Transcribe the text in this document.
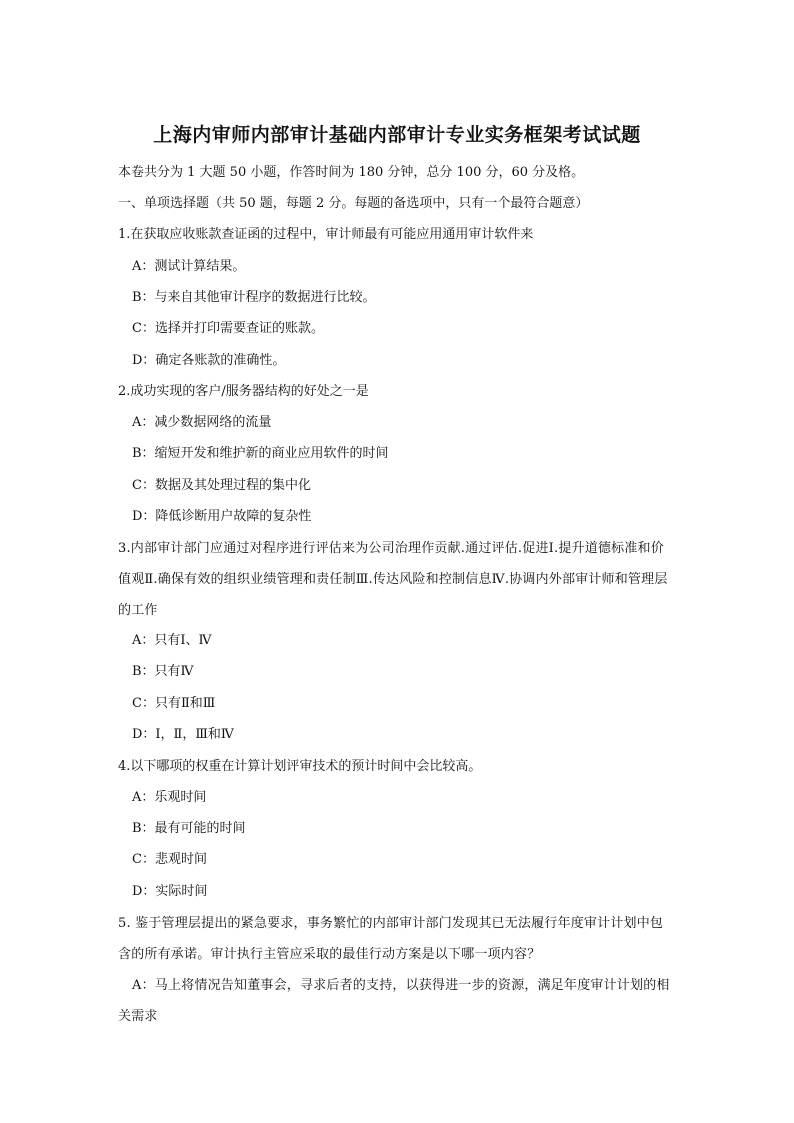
上海内审师内部审计基础内部审计专业实务框架考试试题
本卷共分为 1 大题 50 小题，作答时间为 180 分钟，总分 100 分，60 分及格。
一、单项选择题（共 50 题，每题 2 分。每题的备选项中，只有一个最符合题意）
1.在获取应收账款查证函的过程中，审计师最有可能应用通用审计软件来
A：测试计算结果。
B：与来自其他审计程序的数据进行比较。
C：选择并打印需要查证的账款。
D：确定各账款的准确性。
2.成功实现的客户/服务器结构的好处之一是
A：减少数据网络的流量
B：缩短开发和维护新的商业应用软件的时间
C：数据及其处理过程的集中化
D：降低诊断用户故障的复杂性
3.内部审计部门应通过对程序进行评估来为公司治理作贡献.通过评估.促进Ⅰ.提升道德标准和价值观Ⅱ.确保有效的组织业绩管理和责任制Ⅲ.传达风险和控制信息Ⅳ.协调内外部审计师和管理层的工作
A：只有Ⅰ、Ⅳ
B：只有Ⅳ
C：只有Ⅱ和Ⅲ
D：Ⅰ，Ⅱ，Ⅲ和Ⅳ
4.以下哪项的权重在计算计划评审技术的预计时间中会比较高。
A：乐观时间
B：最有可能的时间
C：悲观时间
D：实际时间
5. 鉴于管理层提出的紧急要求，事务繁忙的内部审计部门发现其已无法履行年度审计计划中包含的所有承诺。审计执行主管应采取的最佳行动方案是以下哪一项内容？
A：马上将情况告知董事会，寻求后者的支持，以获得进一步的资源，满足年度审计计划的相关需求
